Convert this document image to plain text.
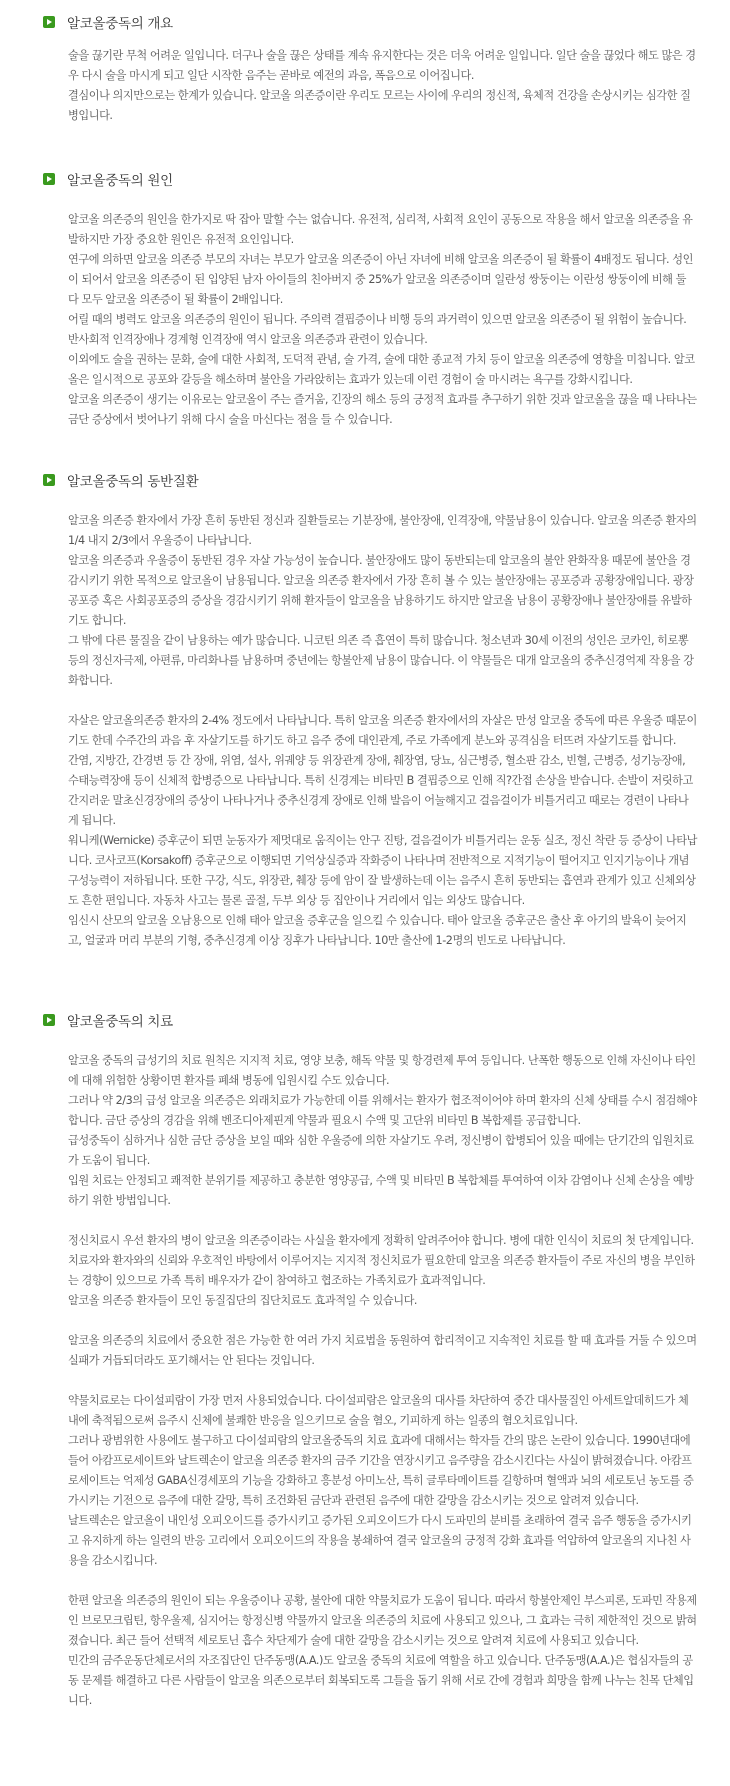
알코올중독의 개요

술을 끊기란 무척 어려운 일입니다. 더구나 술을 끊은 상태를 계속 유지한다는 것은 더욱 어려운 일입니다. 일단 술을 끊었다 해도 많은 경우 다시 술을 마시게 되고 일단 시작한 음주는 곧바로 예전의 과음, 폭음으로 이어집니다.

결심이나 의지만으로는 한계가 있습니다. 알코올 의존증이란 우리도 모르는 사이에 우리의 정신적, 육체적 건강을 손상시키는 심각한 질병입니다.

알코올중독의 원인

알코올 의존증의 원인을 한가지로 딱 잡아 말할 수는 없습니다. 유전적, 심리적, 사회적 요인이 공동으로 작용을 해서 알코올 의존증을 유발하지만 가장 중요한 원인은 유전적 요인입니다.

연구에 의하면 알코올 의존증 부모의 자녀는 부모가 알코올 의존증이 아닌 자녀에 비해 알코올 의존증이 될 확률이 4배정도 됩니다. 성인이 되어서 알코올 의존증이 된 입양된 남자 아이들의 친아버지 중 25%가 알코올 의존증이며 일란성 쌍둥이는 이란성 쌍둥이에 비해 둘 다 모두 알코올 의존증이 될 확률이 2배입니다.

어릴 때의 병력도 알코올 의존증의 원인이 됩니다. 주의력 결핍증이나 비행 등의 과거력이 있으면 알코올 의존증이 될 위험이 높습니다. 반사회적 인격장애나 경계형 인격장애 역시 알코올 의존증과 관련이 있습니다.

이외에도 술을 권하는 문화, 술에 대한 사회적, 도덕적 관념, 술 가격, 술에 대한 종교적 가치 등이 알코올 의존증에 영향을 미칩니다. 알코올은 일시적으로 공포와 갈등을 해소하며 불안을 가라앉히는 효과가 있는데 이런 경험이 술 마시려는 욕구를 강화시킵니다.

알코올 의존증이 생기는 이유로는 알코올이 주는 즐거움, 긴장의 해소 등의 긍정적 효과를 추구하기 위한 것과 알코올을 끊을 때 나타나는 금단 증상에서 벗어나기 위해 다시 술을 마신다는 점을 들 수 있습니다.

알코올중독의 동반질환

알코올 의존증 환자에서 가장 흔히 동반된 정신과 질환들로는 기분장애, 불안장애, 인격장애, 약물남용이 있습니다. 알코올 의존증 환자의 1/4 내지 2/3에서 우울증이 나타납니다.

알코올 의존증과 우울증이 동반된 경우 자살 가능성이 높습니다. 불안장애도 많이 동반되는데 알코올의 불안 완화작용 때문에 불안을 경감시키기 위한 목적으로 알코올이 남용됩니다. 알코올 의존증 환자에서 가장 흔히 볼 수 있는 불안장애는 공포증과 공황장애입니다. 광장공포증 혹은 사회공포증의 증상을 경감시키기 위해 환자들이 알코올을 남용하기도 하지만 알코올 남용이 공황장애나 불안장애를 유발하기도 합니다.

그 밖에 다른 물질을 같이 남용하는 예가 많습니다. 니코틴 의존 즉 흡연이 특히 많습니다. 청소년과 30세 이전의 성인은 코카인, 히로뽕 등의 정신자극제, 아편류, 마리화나를 남용하며 중년에는 항불안제 남용이 많습니다. 이 약물들은 대개 알코올의 중추신경억제 작용을 강화합니다.

자살은 알코올의존증 환자의 2-4% 정도에서 나타납니다. 특히 알코올 의존증 환자에서의 자살은 만성 알코올 중독에 따른 우울증 때문이기도 한데 수주간의 과음 후 자살기도를 하기도 하고 음주 중에 대인관계, 주로 가족에게 분노와 공격심을 터뜨려 자살기도를 합니다.

간염, 지방간, 간경변 등 간 장애, 위염, 설사, 위궤양 등 위장관계 장애, 췌장염, 당뇨, 심근병증, 혈소판 감소, 빈혈, 근병증, 성기능장애, 수태능력장애 등이 신체적 합병증으로 나타납니다. 특히 신경계는 비타민 B 결핍증으로 인해 직?간접 손상을 받습니다. 손발이 저릿하고 간지러운 말초신경장애의 증상이 나타나거나 중추신경계 장애로 인해 발음이 어눌해지고 걸음걸이가 비틀거리고 때로는 경련이 나타나게 됩니다.

워니케(Wernicke) 증후군이 되면 눈동자가 제멋대로 움직이는 안구 진탕, 걸음걸이가 비틀거리는 운동 실조, 정신 착란 등 증상이 나타납니다. 코사코프(Korsakoff) 증후군으로 이행되면 기억상실증과 작화증이 나타나며 전반적으로 지적기능이 떨어지고 인지기능이나 개념 구성능력이 저하됩니다. 또한 구강, 식도, 위장관, 췌장 등에 암이 잘 발생하는데 이는 음주시 흔히 동반되는 흡연과 관계가 있고 신체외상도 흔한 편입니다. 자동차 사고는 물론 골절, 두부 외상 등 집안이나 거리에서 입는 외상도 많습니다.

임신시 산모의 알코올 오남용으로 인해 태아 알코올 증후군을 일으킬 수 있습니다. 태아 알코올 증후군은 출산 후 아기의 발육이 늦어지고, 얼굴과 머리 부분의 기형, 중추신경계 이상 징후가 나타납니다. 10만 출산에 1-2명의 빈도로 나타납니다.

알코올중독의 치료

알코올 중독의 급성기의 치료 원칙은 지지적 치료, 영양 보충, 해독 약물 및 항경련제 투여 등입니다. 난폭한 행동으로 인해 자신이나 타인에 대해 위험한 상황이면 환자를 폐쇄 병동에 입원시킬 수도 있습니다.

그러나 약 2/3의 급성 알코올 의존증은 외래치료가 가능한데 이를 위해서는 환자가 협조적이어야 하며 환자의 신체 상태를 수시 점검해야 합니다. 금단 증상의 경감을 위해 벤조디아제핀계 약물과 필요시 수액 및 고단위 비타민 B 복합제를 공급합니다.

급성중독이 심하거나 심한 금단 증상을 보일 때와 심한 우울증에 의한 자살기도 우려, 정신병이 합병되어 있을 때에는 단기간의 입원치료가 도움이 됩니다.

입원 치료는 안정되고 쾌적한 분위기를 제공하고 충분한 영양공급, 수액 및 비타민 B 복합체를 투여하여 이차 감염이나 신체 손상을 예방하기 위한 방법입니다.

정신치료시 우선 환자의 병이 알코올 의존증이라는 사실을 환자에게 정확히 알려주어야 합니다. 병에 대한 인식이 치료의 첫 단계입니다. 치료자와 환자와의 신뢰와 우호적인 바탕에서 이루어지는 지지적 정신치료가 필요한데 알코올 의존증 환자들이 주로 자신의 병을 부인하는 경향이 있으므로 가족 특히 배우자가 같이 참여하고 협조하는 가족치료가 효과적입니다.

알코올 의존증 환자들이 모인 동질집단의 집단치료도 효과적일 수 있습니다.

알코올 의존증의 치료에서 중요한 점은 가능한 한 여러 가지 치료법을 동원하여 합리적이고 지속적인 치료를 할 때 효과를 거둘 수 있으며 실패가 거듭되더라도 포기해서는 안 된다는 것입니다.

약물치료로는 다이설피람이 가장 먼저 사용되었습니다. 다이설피람은 알코올의 대사를 차단하여 중간 대사물질인 아세트알데히드가 체내에 축적됨으로써 음주시 신체에 불쾌한 반응을 일으키므로 술을 혐오, 기피하게 하는 일종의 혐오치료입니다.

그러나 광범위한 사용에도 불구하고 다이설피람의 알코올중독의 치료 효과에 대해서는 학자들 간의 많은 논란이 있습니다. 1990년대에 들어 아캄프로세이트와 날트렉손이 알코올 의존증 환자의 금주 기간을 연장시키고 음주량을 감소시킨다는 사실이 밝혀졌습니다. 아캄프로세이트는 억제성 GABA신경세포의 기능을 강화하고 흥분성 아미노산, 특히 글루타메이트를 길항하며 혈액과 뇌의 세로토닌 농도를 증가시키는 기전으로 음주에 대한 갈망, 특히 조건화된 금단과 관련된 음주에 대한 갈망을 감소시키는 것으로 알려져 있습니다.

날트렉손은 알코올이 내인성 오피오이드를 증가시키고 증가된 오피오이드가 다시 도파민의 분비를 초래하여 결국 음주 행동을 증가시키고 유지하게 하는 일련의 반응 고리에서 오피오이드의 작용을 봉쇄하여 결국 알코올의 긍정적 강화 효과를 억압하여 알코올의 지나친 사용을 감소시킵니다.

한편 알코올 의존증의 원인이 되는 우울증이나 공황, 불안에 대한 약물치료가 도움이 됩니다. 따라서 항불안제인 부스피론, 도파민 작용제인 브로모크립틴, 항우울제, 심지어는 항정신병 약물까지 알코올 의존증의 치료에 사용되고 있으나, 그 효과는 극히 제한적인 것으로 밝혀졌습니다. 최근 들어 선택적 세로토닌 흡수 차단제가 술에 대한 갈망을 감소시키는 것으로 알려져 치료에 사용되고 있습니다.

민간의 금주운동단체로서의 자조집단인 단주동맹(A.A.)도 알코올 중독의 치료에 역할을 하고 있습니다. 단주동맹(A.A.)은 협심자들의 공동 문제를 해결하고 다른 사람들이 알코올 의존으로부터 회복되도록 그들을 돕기 위해 서로 간에 경험과 희망을 함께 나누는 친목 단체입니다.
